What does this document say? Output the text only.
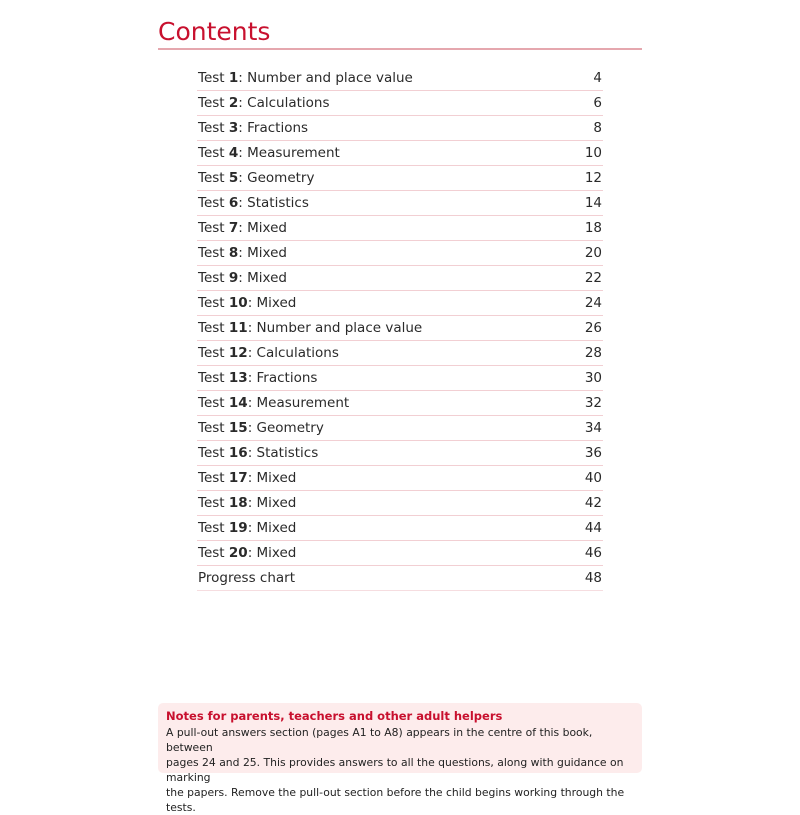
Contents
Test 1: Number and place value	4
Test 2: Calculations	6
Test 3: Fractions	8
Test 4: Measurement	10
Test 5: Geometry	12
Test 6: Statistics	14
Test 7: Mixed	18
Test 8: Mixed	20
Test 9: Mixed	22
Test 10: Mixed	24
Test 11: Number and place value	26
Test 12: Calculations	28
Test 13: Fractions	30
Test 14: Measurement	32
Test 15: Geometry	34
Test 16: Statistics	36
Test 17: Mixed	40
Test 18: Mixed	42
Test 19: Mixed	44
Test 20: Mixed	46
Progress chart	48

Notes for parents, teachers and other adult helpers

A pull-out answers section (pages A1 to A8) appears in the centre of this book, between
pages 24 and 25. This provides answers to all the questions, along with guidance on marking
the papers. Remove the pull-out section before the child begins working through the tests.
